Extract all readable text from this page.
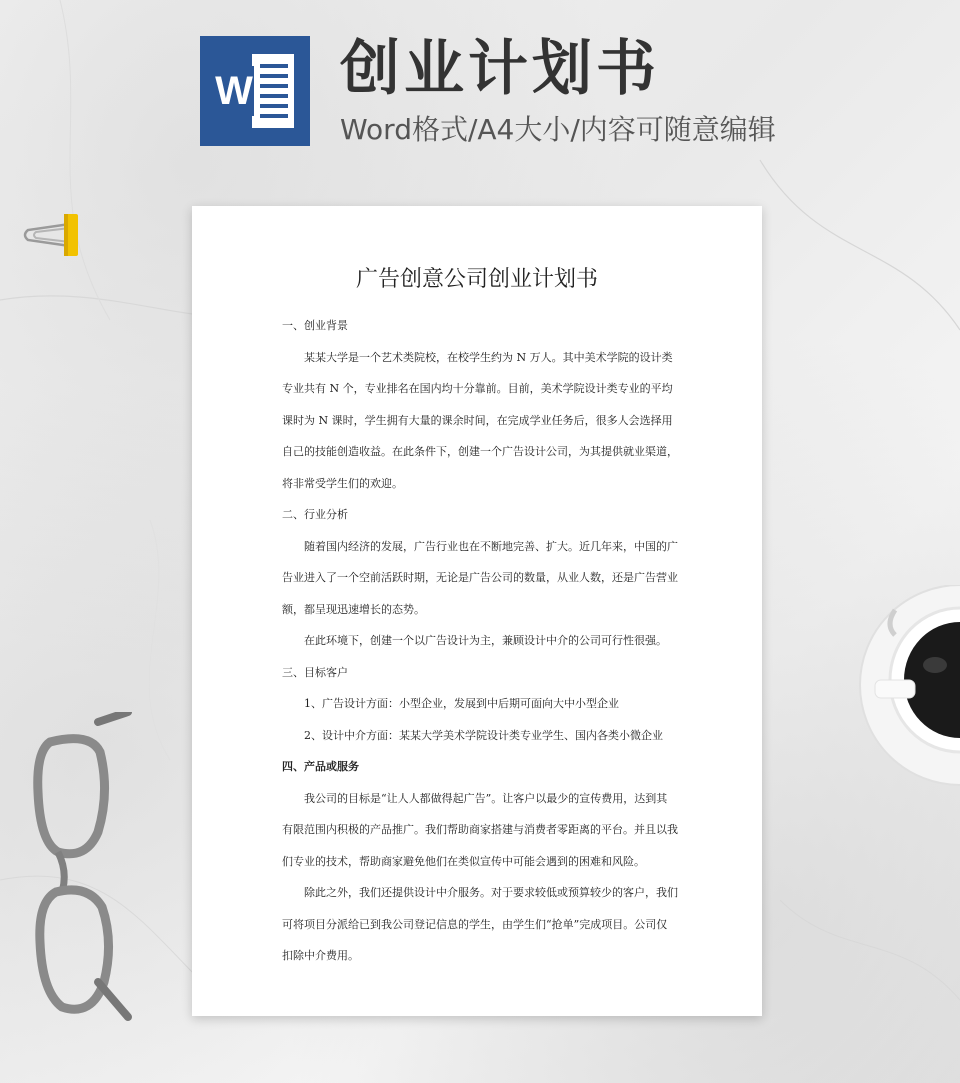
W 创业计划书
Word格式/A4大小/内容可随意编辑
广告创意公司创业计划书

一、创业背景

某某大学是一个艺术类院校，在校学生约为 N 万人。其中美术学院的设计类专业共有 N 个，专业排名在国内均十分靠前。目前，美术学院设计类专业的平均课时为 N 课时，学生拥有大量的课余时间，在完成学业任务后，很多人会选择用自己的技能创造收益。在此条件下，创建一个广告设计公司，为其提供就业渠道，将非常受学生们的欢迎。

二、行业分析

随着国内经济的发展，广告行业也在不断地完善、扩大。近几年来，中国的广告业进入了一个空前活跃时期，无论是广告公司的数量，从业人数，还是广告营业额，都呈现迅速增长的态势。

在此环境下，创建一个以广告设计为主，兼顾设计中介的公司可行性很强。

三、目标客户

1、广告设计方面：小型企业，发展到中后期可面向大中小型企业

2、设计中介方面：某某大学美术学院设计类专业学生、国内各类小微企业

四、产品或服务

我公司的目标是“让人人都做得起广告”。让客户以最少的宣传费用，达到其有限范围内积极的产品推广。我们帮助商家搭建与消费者零距离的平台。并且以我们专业的技术，帮助商家避免他们在类似宣传中可能会遇到的困难和风险。

除此之外，我们还提供设计中介服务。对于要求较低或预算较少的客户，我们可将项目分派给已到我公司登记信息的学生，由学生们“抢单”完成项目。公司仅扣除中介费用。
